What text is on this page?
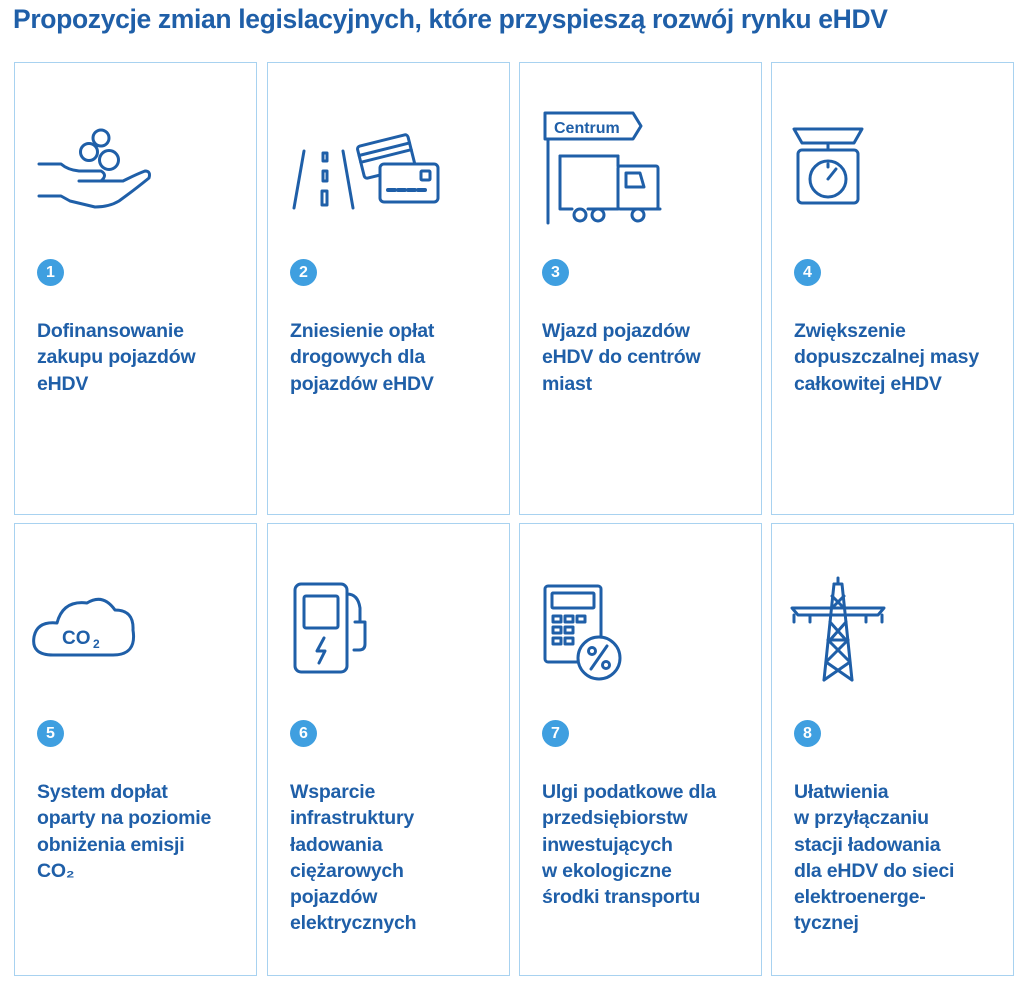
Propozycje zmian legislacyjnych, które przyspieszą rozwój rynku eHDV
1
Dofinansowanie
zakupu pojazdów
eHDV
2
Zniesienie opłat
drogowych dla
pojazdów eHDV
Centrum
3
Wjazd pojazdów
eHDV do centrów
miast
4
Zwiększenie
dopuszczalnej masy
całkowitej eHDV
CO 2
5
System dopłat
oparty na poziomie
obniżenia emisji
CO₂
6
Wsparcie
infrastruktury
ładowania
ciężarowych
pojazdów
elektrycznych
7
Ulgi podatkowe dla
przedsiębiorstw
inwestujących
w ekologiczne
środki transportu
8
Ułatwienia
w przyłączaniu
stacji ładowania
dla eHDV do sieci
elektroenerge-
tycznej
